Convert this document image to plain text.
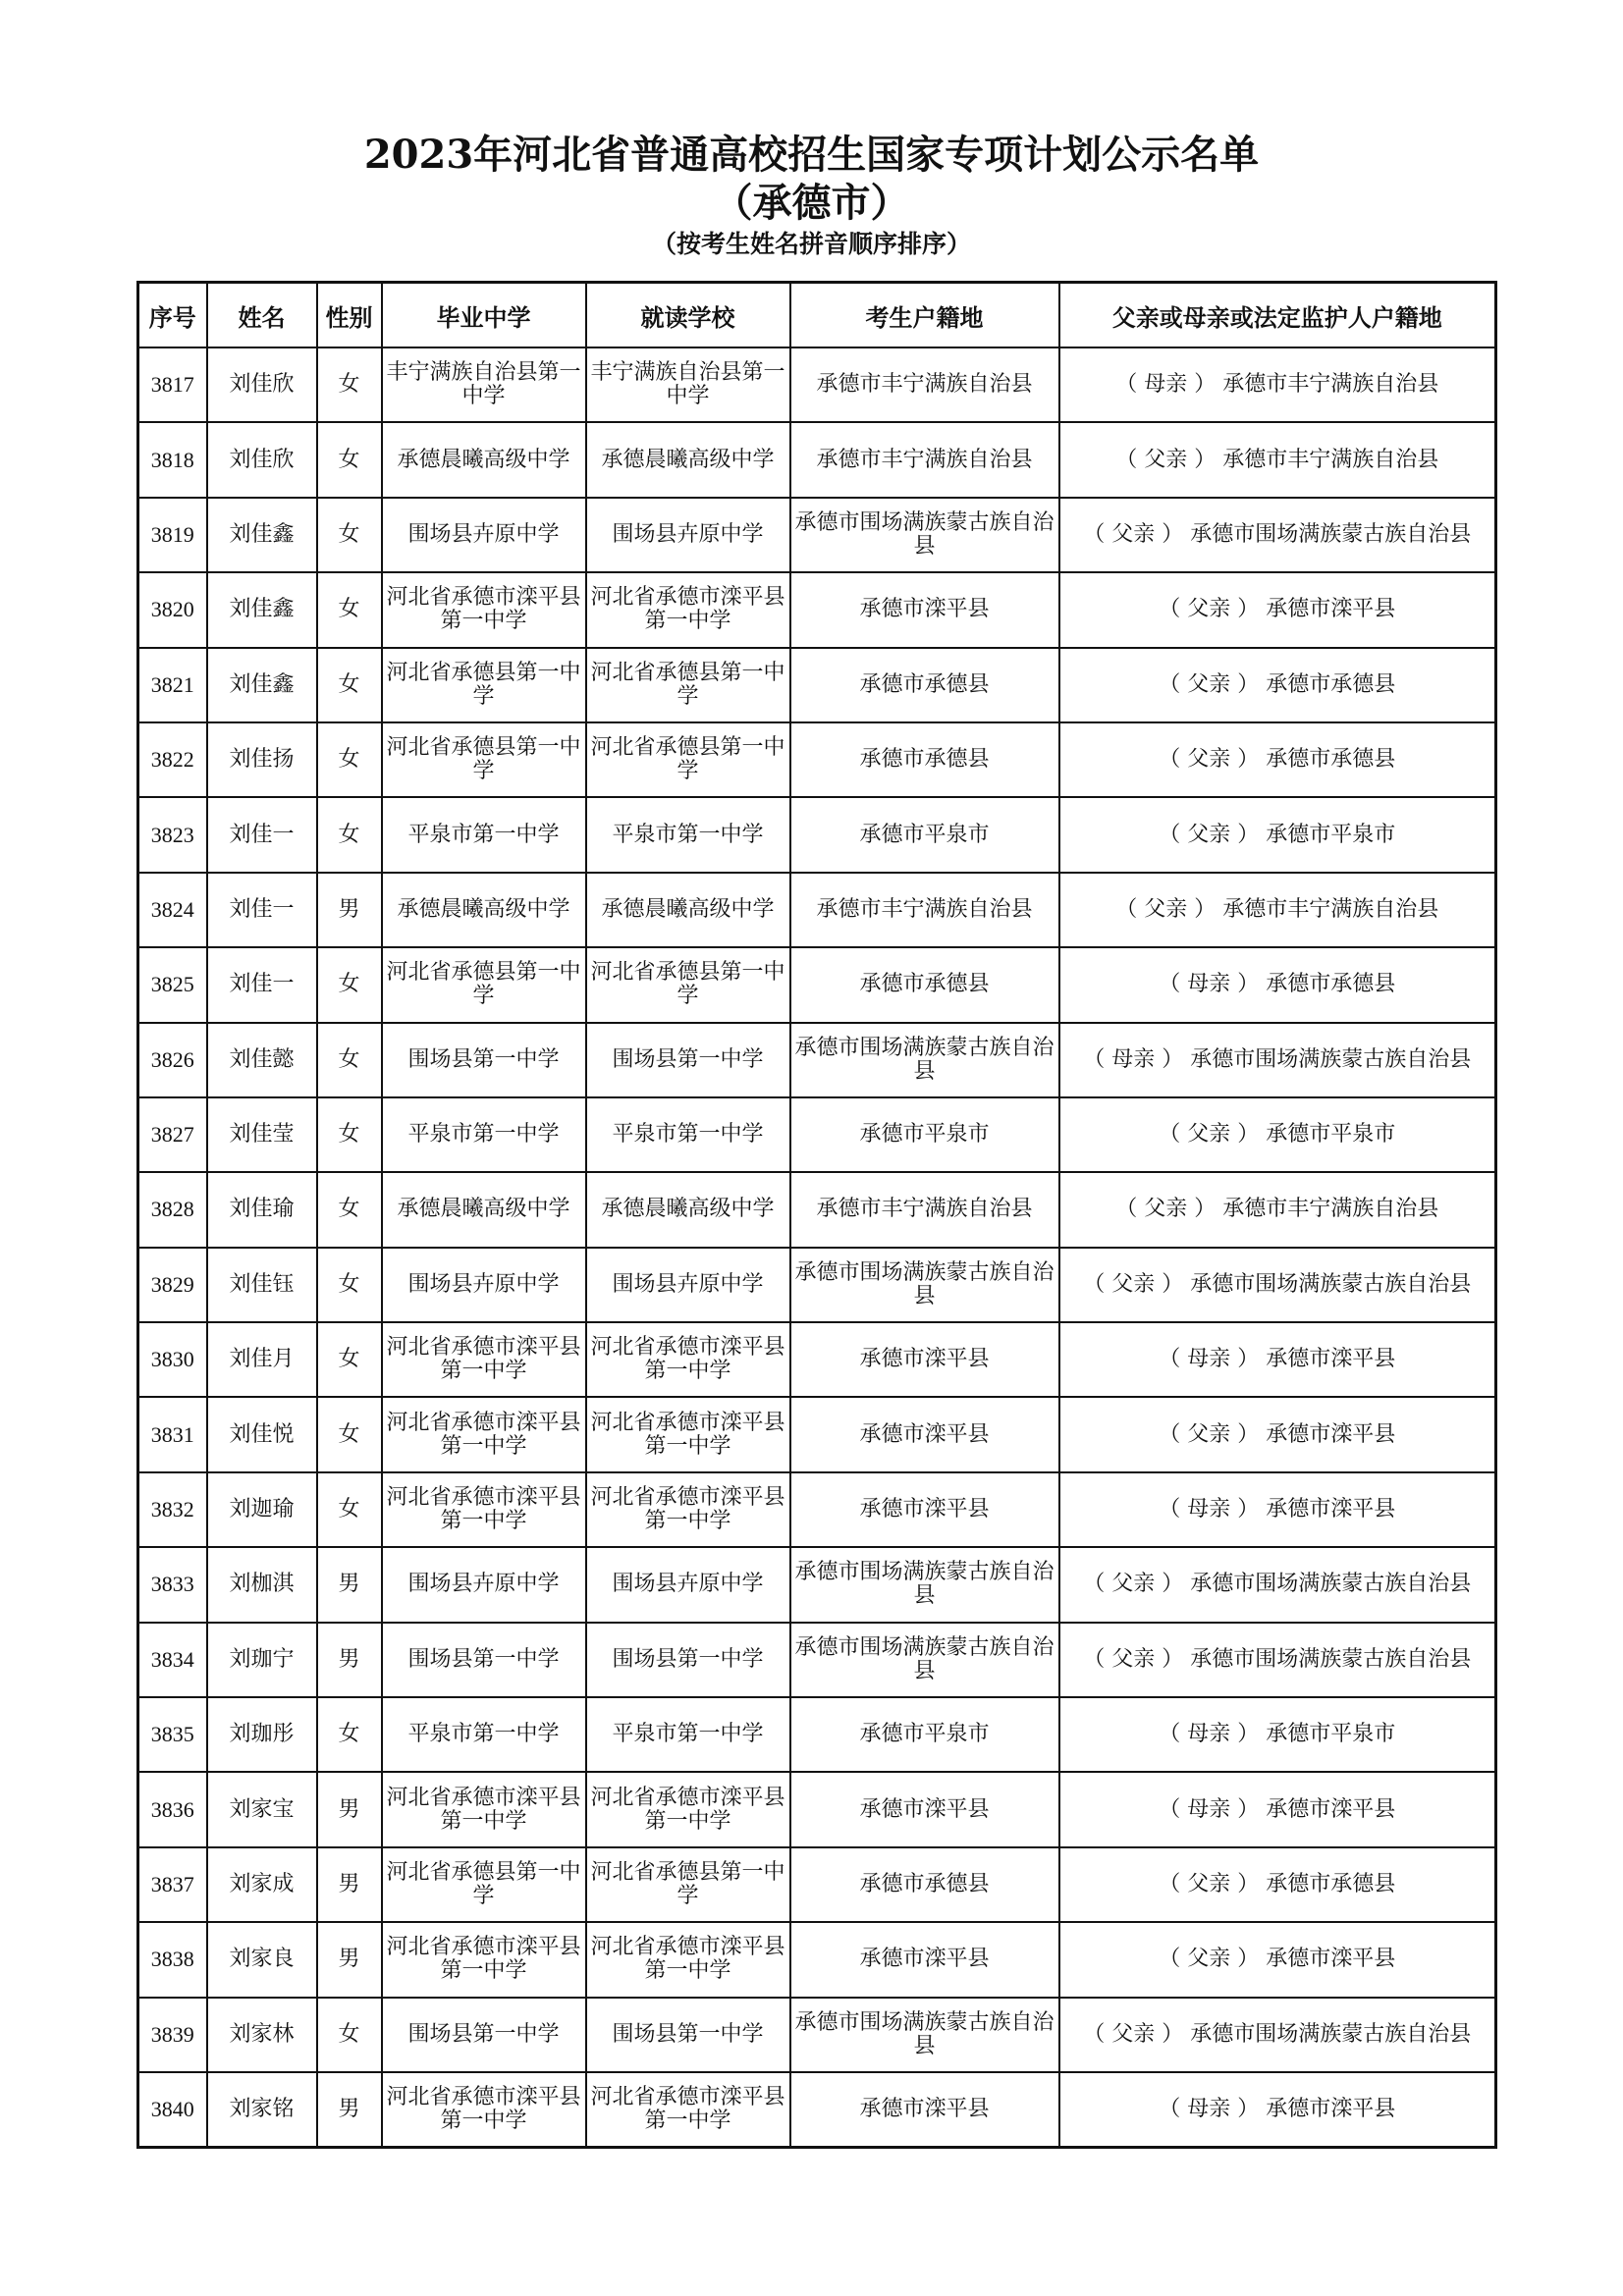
2023年河北省普通高校招生国家专项计划公示名单
（承德市）
（按考生姓名拼音顺序排序）
序号	姓名	性别	毕业中学	就读学校	考生户籍地	父亲或母亲或法定监护人户籍地
3817	刘佳欣	女	丰宁满族自治县第一中学	丰宁满族自治县第一中学	承德市丰宁满族自治县	（ 母亲 ） 承德市丰宁满族自治县
3818	刘佳欣	女	承德晨曦高级中学	承德晨曦高级中学	承德市丰宁满族自治县	（ 父亲 ） 承德市丰宁满族自治县
3819	刘佳鑫	女	围场县卉原中学	围场县卉原中学	承德市围场满族蒙古族自治县	（ 父亲 ） 承德市围场满族蒙古族自治县
3820	刘佳鑫	女	河北省承德市滦平县第一中学	河北省承德市滦平县第一中学	承德市滦平县	（ 父亲 ） 承德市滦平县
3821	刘佳鑫	女	河北省承德县第一中学	河北省承德县第一中学	承德市承德县	（ 父亲 ） 承德市承德县
3822	刘佳扬	女	河北省承德县第一中学	河北省承德县第一中学	承德市承德县	（ 父亲 ） 承德市承德县
3823	刘佳一	女	平泉市第一中学	平泉市第一中学	承德市平泉市	（ 父亲 ） 承德市平泉市
3824	刘佳一	男	承德晨曦高级中学	承德晨曦高级中学	承德市丰宁满族自治县	（ 父亲 ） 承德市丰宁满族自治县
3825	刘佳一	女	河北省承德县第一中学	河北省承德县第一中学	承德市承德县	（ 母亲 ） 承德市承德县
3826	刘佳懿	女	围场县第一中学	围场县第一中学	承德市围场满族蒙古族自治县	（ 母亲 ） 承德市围场满族蒙古族自治县
3827	刘佳莹	女	平泉市第一中学	平泉市第一中学	承德市平泉市	（ 父亲 ） 承德市平泉市
3828	刘佳瑜	女	承德晨曦高级中学	承德晨曦高级中学	承德市丰宁满族自治县	（ 父亲 ） 承德市丰宁满族自治县
3829	刘佳钰	女	围场县卉原中学	围场县卉原中学	承德市围场满族蒙古族自治县	（ 父亲 ） 承德市围场满族蒙古族自治县
3830	刘佳月	女	河北省承德市滦平县第一中学	河北省承德市滦平县第一中学	承德市滦平县	（ 母亲 ） 承德市滦平县
3831	刘佳悦	女	河北省承德市滦平县第一中学	河北省承德市滦平县第一中学	承德市滦平县	（ 父亲 ） 承德市滦平县
3832	刘迦瑜	女	河北省承德市滦平县第一中学	河北省承德市滦平县第一中学	承德市滦平县	（ 母亲 ） 承德市滦平县
3833	刘枷淇	男	围场县卉原中学	围场县卉原中学	承德市围场满族蒙古族自治县	（ 父亲 ） 承德市围场满族蒙古族自治县
3834	刘珈宁	男	围场县第一中学	围场县第一中学	承德市围场满族蒙古族自治县	（ 父亲 ） 承德市围场满族蒙古族自治县
3835	刘珈彤	女	平泉市第一中学	平泉市第一中学	承德市平泉市	（ 母亲 ） 承德市平泉市
3836	刘家宝	男	河北省承德市滦平县第一中学	河北省承德市滦平县第一中学	承德市滦平县	（ 母亲 ） 承德市滦平县
3837	刘家成	男	河北省承德县第一中学	河北省承德县第一中学	承德市承德县	（ 父亲 ） 承德市承德县
3838	刘家良	男	河北省承德市滦平县第一中学	河北省承德市滦平县第一中学	承德市滦平县	（ 父亲 ） 承德市滦平县
3839	刘家林	女	围场县第一中学	围场县第一中学	承德市围场满族蒙古族自治县	（ 父亲 ） 承德市围场满族蒙古族自治县
3840	刘家铭	男	河北省承德市滦平县第一中学	河北省承德市滦平县第一中学	承德市滦平县	（ 母亲 ） 承德市滦平县
